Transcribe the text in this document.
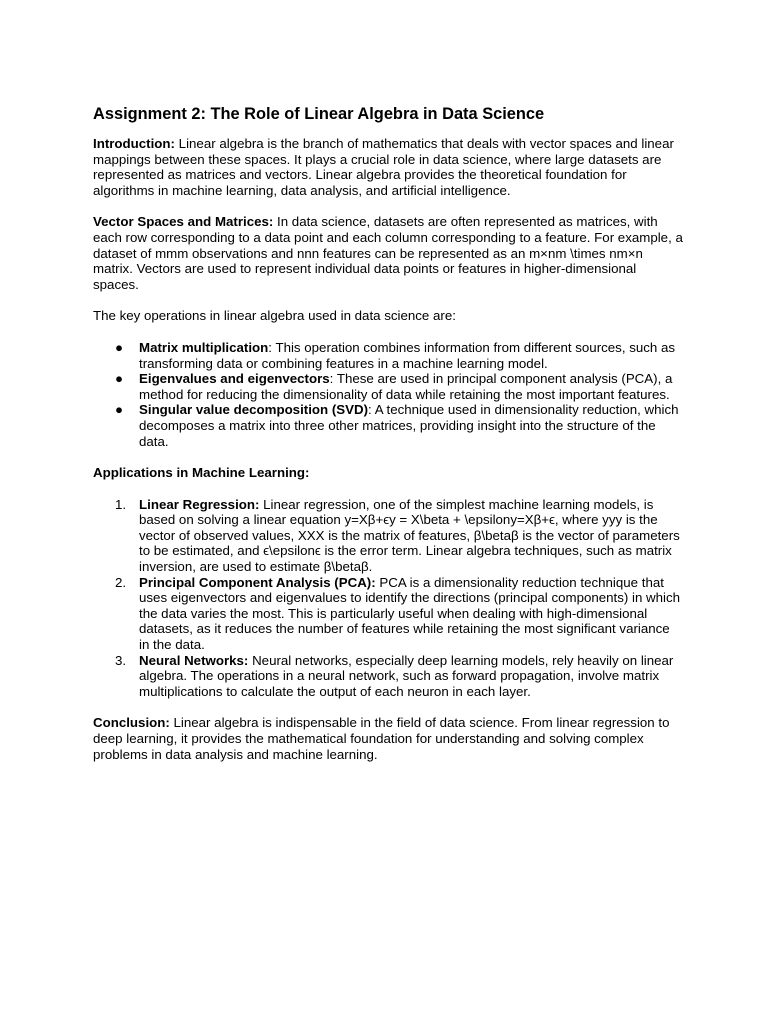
Assignment 2: The Role of Linear Algebra in Data Science

Introduction: Linear algebra is the branch of mathematics that deals with vector spaces and linear mappings between these spaces. It plays a crucial role in data science, where large datasets are represented as matrices and vectors. Linear algebra provides the theoretical foundation for algorithms in machine learning, data analysis, and artificial intelligence.

Vector Spaces and Matrices: In data science, datasets are often represented as matrices, with each row corresponding to a data point and each column corresponding to a feature. For example, a dataset of mmm observations and nnn features can be represented as an m×nm \times nm×n matrix. Vectors are used to represent individual data points or features in higher-dimensional spaces.

The key operations in linear algebra used in data science are:

● Matrix multiplication: This operation combines information from different sources, such as transforming data or combining features in a machine learning model.
● Eigenvalues and eigenvectors: These are used in principal component analysis (PCA), a method for reducing the dimensionality of data while retaining the most important features.
● Singular value decomposition (SVD): A technique used in dimensionality reduction, which decomposes a matrix into three other matrices, providing insight into the structure of the data.
Applications in Machine Learning:
1. Linear Regression: Linear regression, one of the simplest machine learning models, is based on solving a linear equation y=Xβ+ϵy = X\beta + \epsilony=Xβ+ϵ, where yyy is the vector of observed values, XXX is the matrix of features, β\betaβ is the vector of parameters to be estimated, and ϵ\epsilonϵ is the error term. Linear algebra techniques, such as matrix inversion, are used to estimate β\betaβ.
2. Principal Component Analysis (PCA): PCA is a dimensionality reduction technique that uses eigenvectors and eigenvalues to identify the directions (principal components) in which the data varies the most. This is particularly useful when dealing with high-dimensional datasets, as it reduces the number of features while retaining the most significant variance in the data.
3. Neural Networks: Neural networks, especially deep learning models, rely heavily on linear algebra. The operations in a neural network, such as forward propagation, involve matrix multiplications to calculate the output of each neuron in each layer.

Conclusion: Linear algebra is indispensable in the field of data science. From linear regression to deep learning, it provides the mathematical foundation for understanding and solving complex problems in data analysis and machine learning.
